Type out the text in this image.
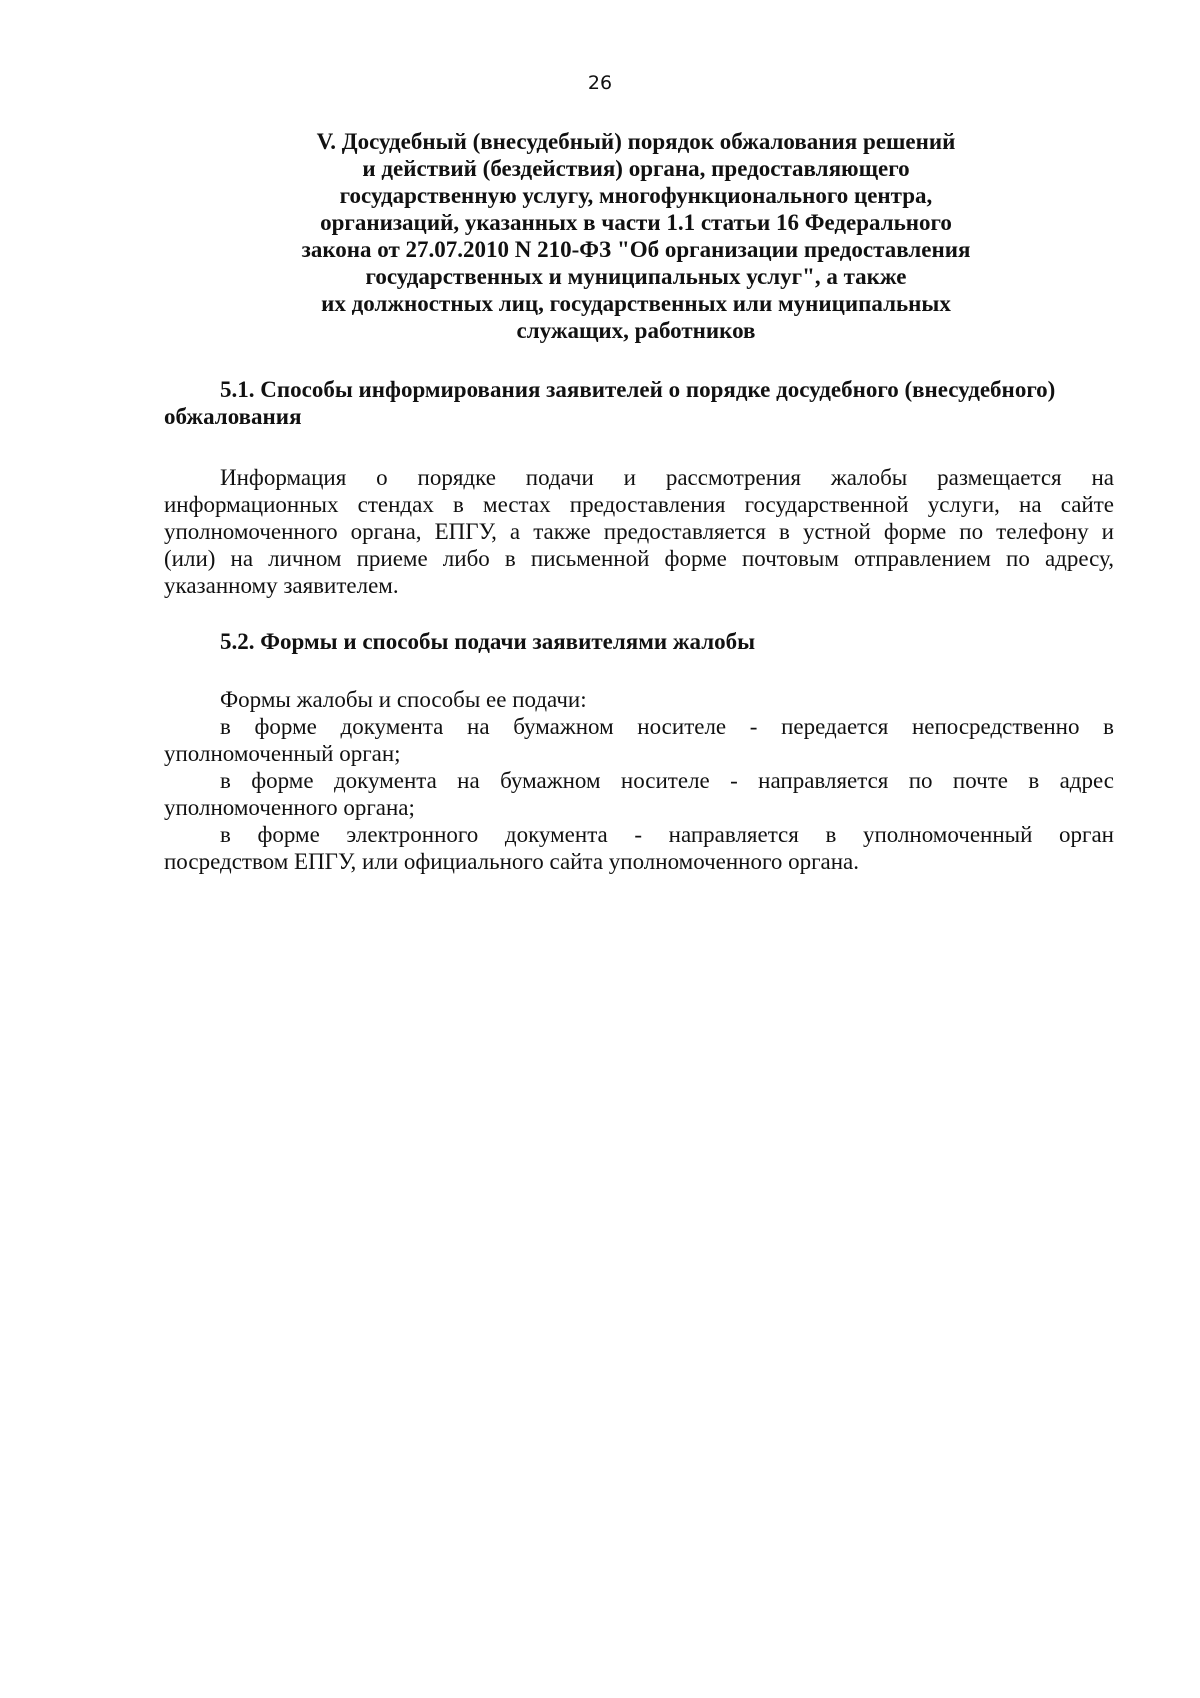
26
V. Досудебный (внесудебный) порядок обжалования решений
и действий (бездействия) органа, предоставляющего
государственную услугу, многофункционального центра,
организаций, указанных в части 1.1 статьи 16 Федерального
закона от 27.07.2010 N 210-ФЗ "Об организации предоставления
государственных и муниципальных услуг", а также
их должностных лиц, государственных или муниципальных
служащих, работников
5.1. Способы информирования заявителей о порядке досудебного (внесудебного)
обжалования

Информация о порядке подачи и рассмотрения жалобы размещается на
информационных стендах в местах предоставления государственной услуги, на сайте
уполномоченного органа, ЕПГУ, а также предоставляется в устной форме по телефону и
(или) на личном приеме либо в письменной форме почтовым отправлением по адресу,
указанному заявителем.

5.2. Формы и способы подачи заявителями жалобы

Формы жалобы и способы ее подачи:

в форме документа на бумажном носителе - передается непосредственно в
уполномоченный орган;

в форме документа на бумажном носителе - направляется по почте в адрес
уполномоченного органа;

в форме электронного документа - направляется в уполномоченный орган
посредством ЕПГУ, или официального сайта уполномоченного органа.
